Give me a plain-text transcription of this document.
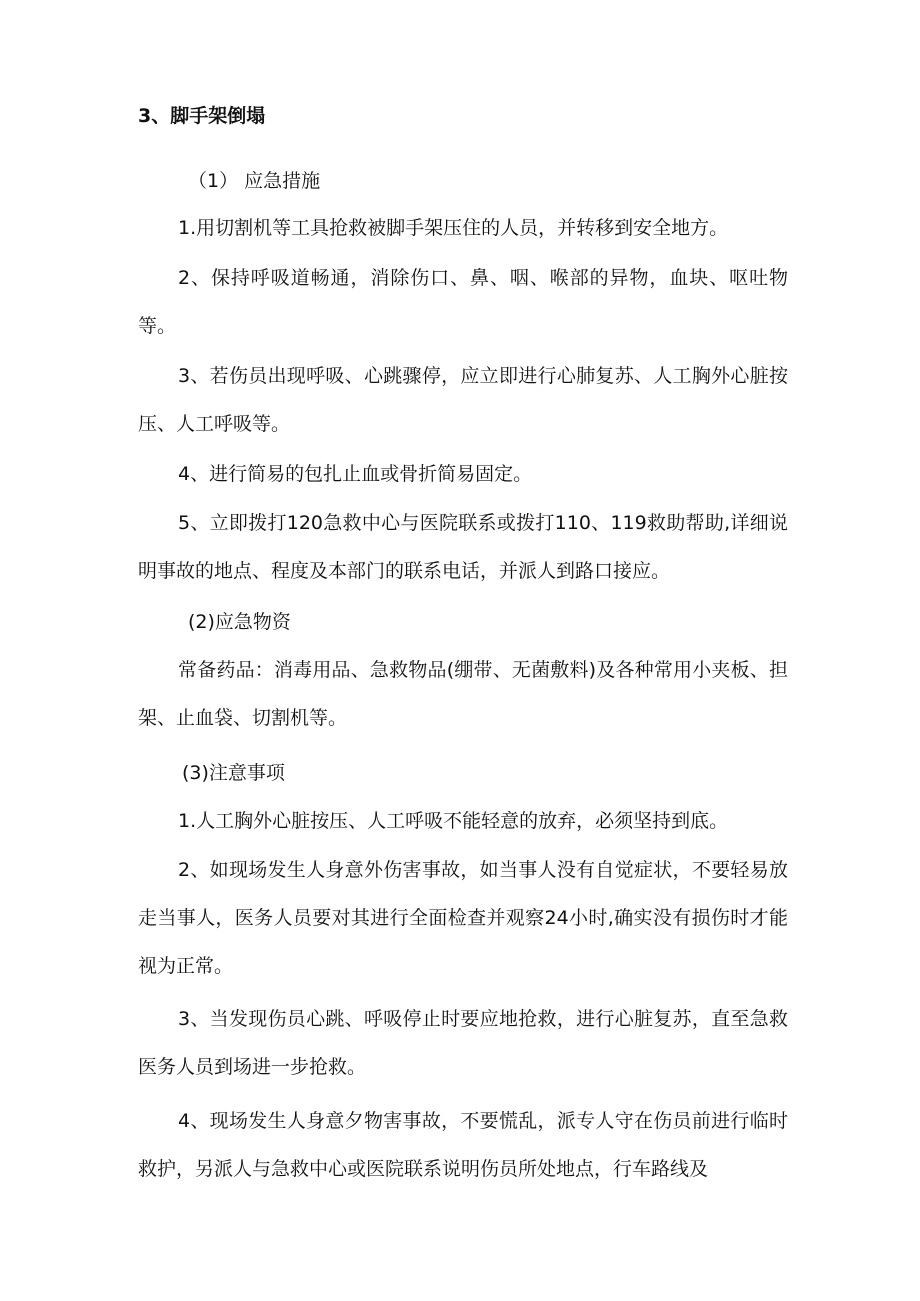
3、脚手架倒塌
（1） 应急措施
1.用切割机等工具抢救被脚手架压住的人员，并转移到安全地方。
2、保持呼吸道畅通，消除伤口、鼻、咽、喉部的异物，血块、呕吐物等。
3、若伤员出现呼吸、心跳骤停，应立即进行心肺复苏、人工胸外心脏按压、人工呼吸等。
4、进行简易的包扎止血或骨折简易固定。
5、立即拨打120急救中心与医院联系或拨打110、119救助帮助,详细说明事故的地点、程度及本部门的联系电话，并派人到路口接应。
(2)应急物资
常备药品：消毒用品、急救物品(绷带、无菌敷料)及各种常用小夹板、担架、止血袋、切割机等。
(3)注意事项
1.人工胸外心脏按压、人工呼吸不能轻意的放弃，必须坚持到底。
2、如现场发生人身意外伤害事故，如当事人没有自觉症状，不要轻易放走当事人，医务人员要对其进行全面检查并观察24小时,确实没有损伤时才能视为正常。
3、当发现伤员心跳、呼吸停止时要应地抢救，进行心脏复苏，直至急救医务人员到场进一步抢救。
4、现场发生人身意夕物害事故，不要慌乱，派专人守在伤员前进行临时救护，另派人与急救中心或医院联系说明伤员所处地点，行车路线及
